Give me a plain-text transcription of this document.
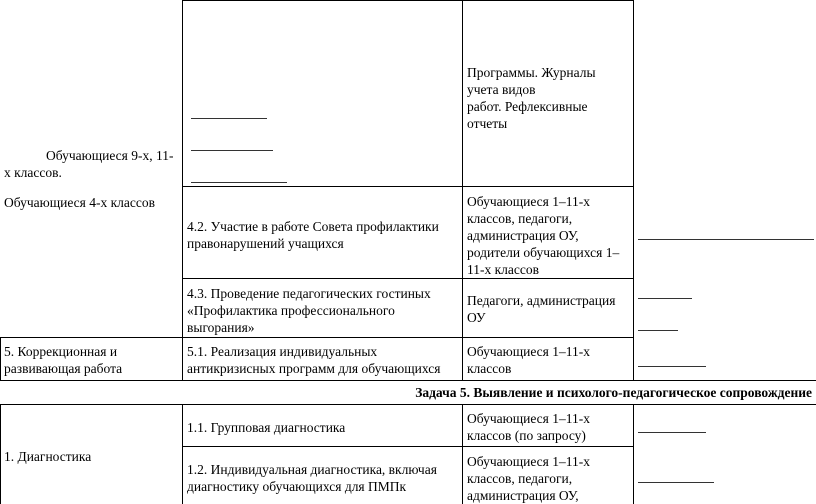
Обучающиеся 9-х, 11-
х классов.
Обучающиеся 4-х классов
Программы. Журналы
учета видов
работ. Рефлексивные
отчеты
4.2. Участие в работе Совета профилактики
правонарушений учащихся
Обучающиеся 1–11-х
классов, педагоги,
администрация ОУ,
родители обучающихся 1–
11-х классов
4.3. Проведение педагогических гостиных
«Профилактика профессионального
выгорания»
Педагоги, администрация
ОУ
5. Коррекционная и
развивающая работа
5.1. Реализация индивидуальных
антикризисных программ для обучающихся
Обучающиеся 1–11-х
классов
Задача 5. Выявление и психолого-педагогическое сопровождение
1. Диагностика
1.1. Групповая диагностика
Обучающиеся 1–11-х
классов (по запросу)
1.2. Индивидуальная диагностика, включая
диагностику обучающихся для ПМПк
Обучающиеся 1–11-х
классов, педагоги,
администрация ОУ,
